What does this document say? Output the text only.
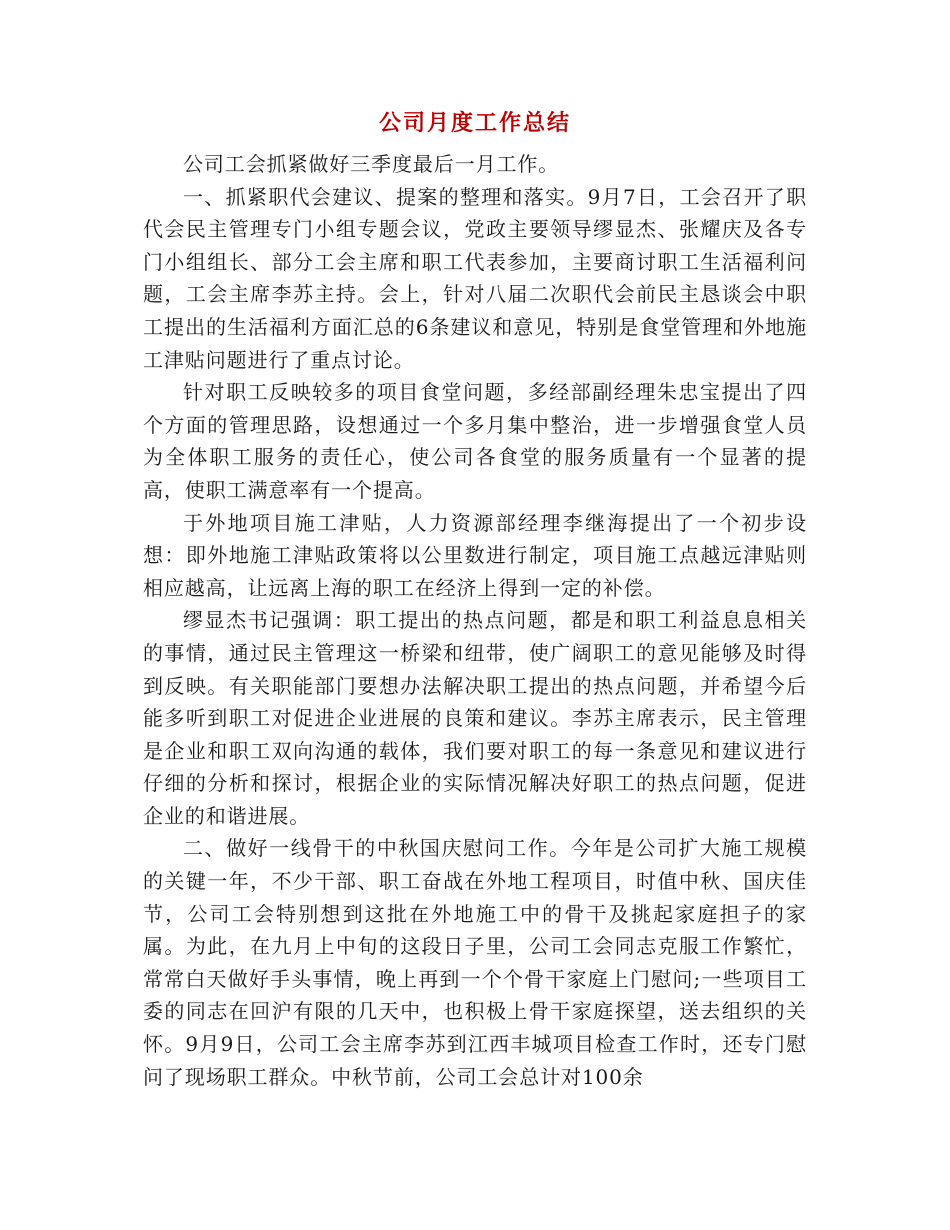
公司月度工作总结

公司工会抓紧做好三季度最后一月工作。

一、抓紧职代会建议、提案的整理和落实。9月7日，工会召开了职代会民主管理专门小组专题会议，党政主要领导缪显杰、张耀庆及各专门小组组长、部分工会主席和职工代表参加，主要商讨职工生活福利问题，工会主席李苏主持。会上，针对八届二次职代会前民主恳谈会中职工提出的生活福利方面汇总的6条建议和意见，特别是食堂管理和外地施工津贴问题进行了重点讨论。

针对职工反映较多的项目食堂问题，多经部副经理朱忠宝提出了四个方面的管理思路，设想通过一个多月集中整治，进一步增强食堂人员为全体职工服务的责任心，使公司各食堂的服务质量有一个显著的提高，使职工满意率有一个提高。

于外地项目施工津贴，人力资源部经理李继海提出了一个初步设想：即外地施工津贴政策将以公里数进行制定，项目施工点越远津贴则相应越高，让远离上海的职工在经济上得到一定的补偿。

缪显杰书记强调：职工提出的热点问题，都是和职工利益息息相关的事情，通过民主管理这一桥梁和纽带，使广阔职工的意见能够及时得到反映。有关职能部门要想办法解决职工提出的热点问题，并希望今后能多听到职工对促进企业进展的良策和建议。李苏主席表示，民主管理是企业和职工双向沟通的载体，我们要对职工的每一条意见和建议进行仔细的分析和探讨，根据企业的实际情况解决好职工的热点问题，促进企业的和谐进展。

二、做好一线骨干的中秋国庆慰问工作。今年是公司扩大施工规模的关键一年，不少干部、职工奋战在外地工程项目，时值中秋、国庆佳节，公司工会特别想到这批在外地施工中的骨干及挑起家庭担子的家属。为此，在九月上中旬的这段日子里，公司工会同志克服工作繁忙，常常白天做好手头事情，晚上再到一个个骨干家庭上门慰问;一些项目工委的同志在回沪有限的几天中，也积极上骨干家庭探望，送去组织的关怀。9月9日，公司工会主席李苏到江西丰城项目检查工作时，还专门慰问了现场职工群众。中秋节前，公司工会总计对100余
